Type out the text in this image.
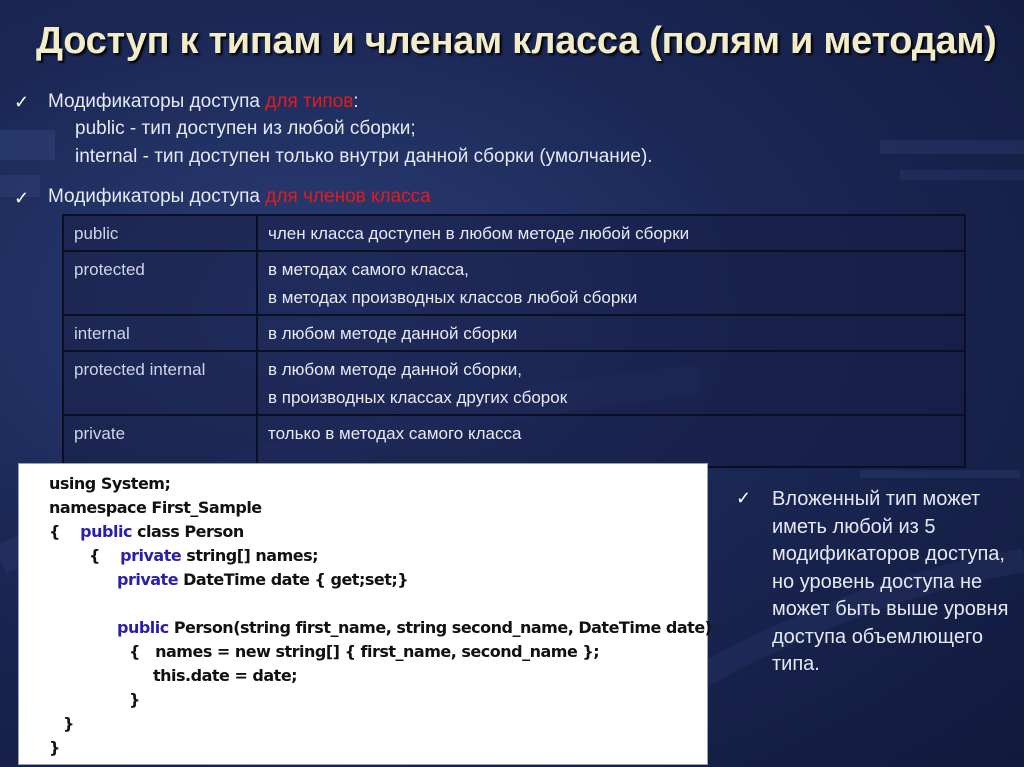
Доступ к типам и членам класса (полям и методам)
✓ Модификаторы доступа для типов:
public - тип доступен из любой сборки;
internal - тип доступен только внутри данной сборки (умолчание).
✓ Модификаторы доступа для членов класса
public	член класса доступен в любом методе любой сборки

protected	в методах самого класса,
в методах производных классов любой сборки

internal	в любом методе данной сборки

protected internal	в любом методе данной сборки,
в производных классах других сборок

private	только в методах самого класса
using System;
namespace First_Sample
{    public class Person
{    private string[] names;
private DateTime date { get;set;}
public Person(string first_name, string second_name, DateTime date)
{   names = new string[] { first_name, second_name };
this.date = date;
}
}
}
✓ Вложенный тип может иметь любой из 5 модификаторов доступа, но уровень доступа не может быть выше уровня доступа объемлющего типа.
